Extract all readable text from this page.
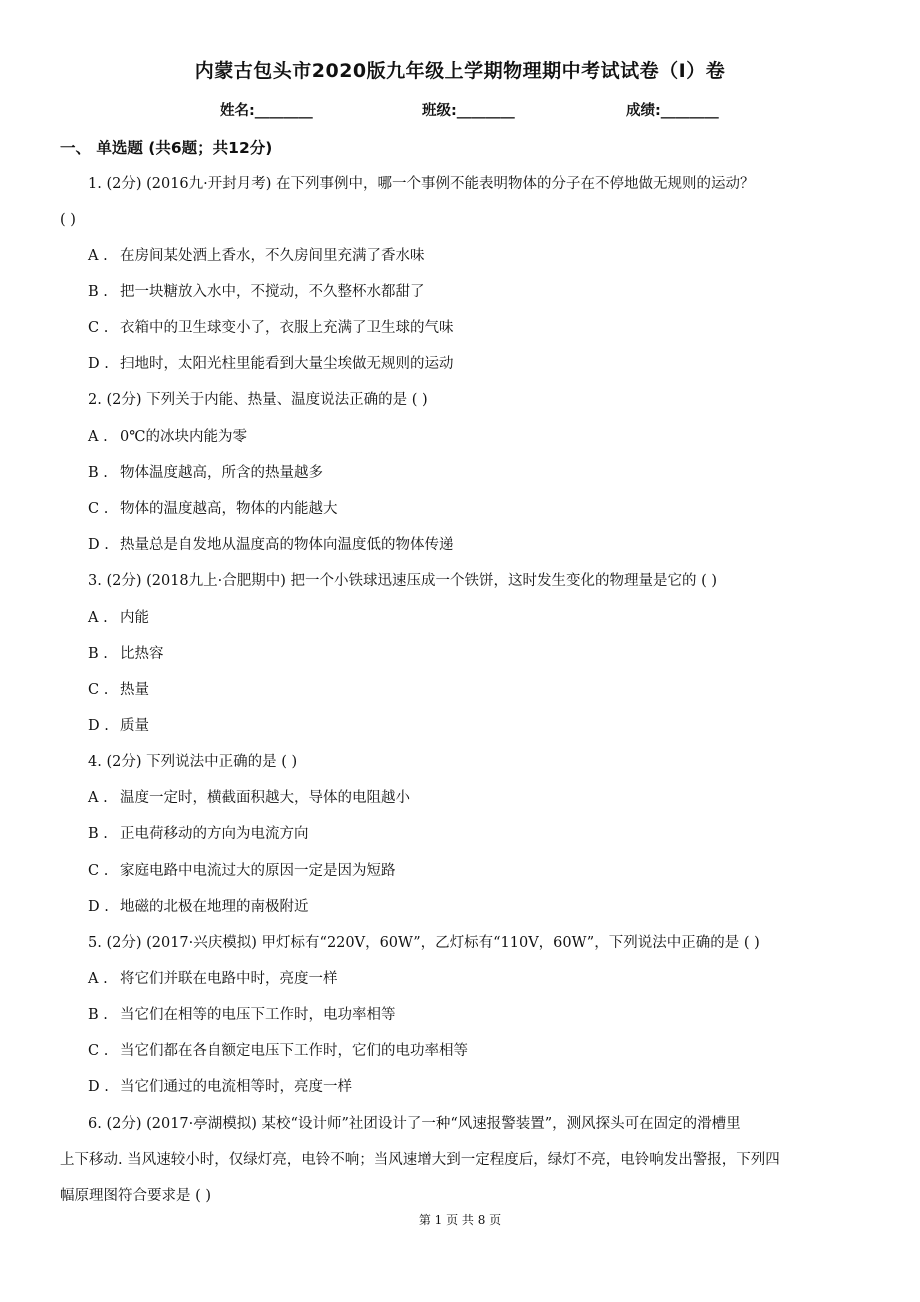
内蒙古包头市2020版九年级上学期物理期中考试试卷（I）卷
姓名:________	班级:________	成绩:________
一、 单选题 (共6题；共12分)
1. (2分) (2016九·开封月考) 在下列事例中，哪一个事例不能表明物体的分子在不停地做无规则的运动？
( )
A . 在房间某处洒上香水，不久房间里充满了香水味
B . 把一块糖放入水中，不搅动，不久整杯水都甜了
C . 衣箱中的卫生球变小了，衣服上充满了卫生球的气味
D . 扫地时，太阳光柱里能看到大量尘埃做无规则的运动
2. (2分) 下列关于内能、热量、温度说法正确的是 ( )
A . 0℃的冰块内能为零
B . 物体温度越高，所含的热量越多
C . 物体的温度越高，物体的内能越大
D . 热量总是自发地从温度高的物体向温度低的物体传递
3. (2分) (2018九上·合肥期中) 把一个小铁球迅速压成一个铁饼，这时发生变化的物理量是它的 ( )
A . 内能
B . 比热容
C . 热量
D . 质量
4. (2分) 下列说法中正确的是 ( )
A . 温度一定时，横截面积越大，导体的电阻越小
B . 正电荷移动的方向为电流方向
C . 家庭电路中电流过大的原因一定是因为短路
D . 地磁的北极在地理的南极附近
5. (2分) (2017·兴庆模拟) 甲灯标有“220V，60W”，乙灯标有“110V，60W”，下列说法中正确的是 ( )
A . 将它们并联在电路中时，亮度一样
B . 当它们在相等的电压下工作时，电功率相等
C . 当它们都在各自额定电压下工作时，它们的电功率相等
D . 当它们通过的电流相等时，亮度一样
6. (2分) (2017·亭湖模拟) 某校“设计师”社团设计了一种“风速报警装置”，测风探头可在固定的滑槽里
上下移动. 当风速较小时，仅绿灯亮，电铃不响；当风速增大到一定程度后，绿灯不亮，电铃响发出警报，下列四
幅原理图符合要求是 ( )
第 1 页 共 8 页
